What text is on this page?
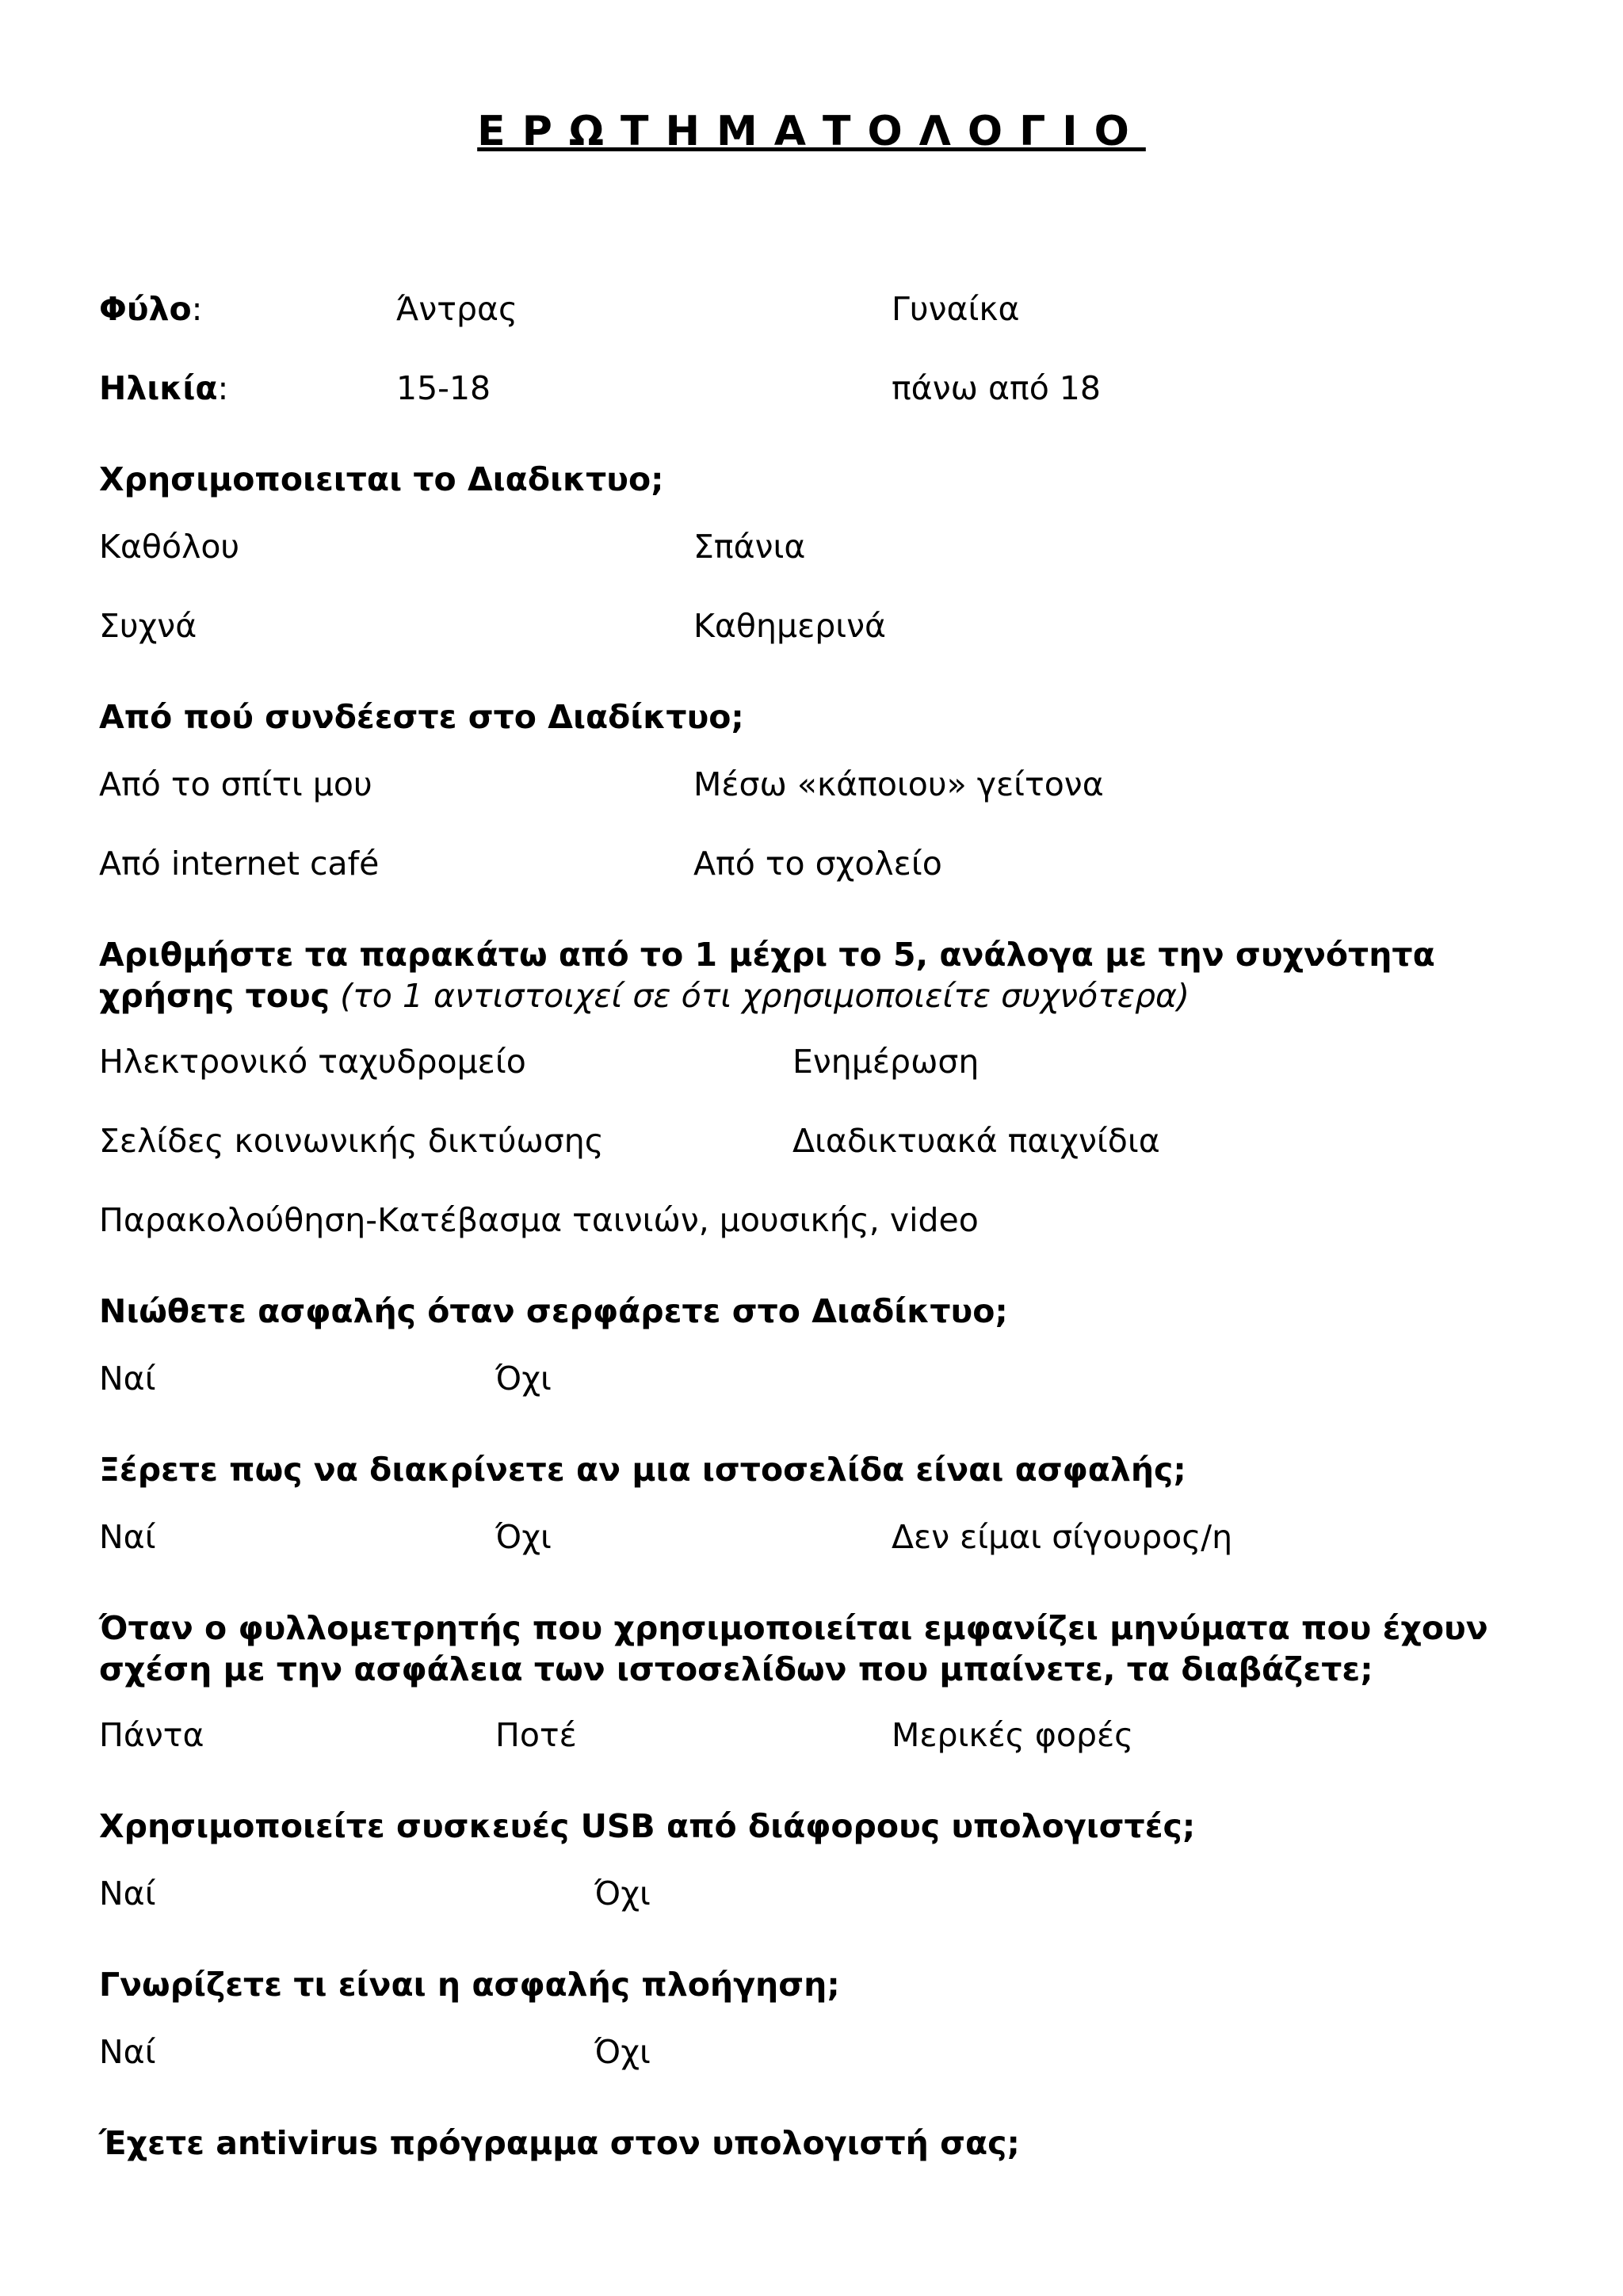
ΕΡΩΤΗΜΑΤΟΛΟΓΙΟ
Φύλο:	Άντρας	Γυναίκα
Ηλικία:	15-18	πάνω από 18
Χρησιμοποιειται το Διαδικτυο;
Καθόλου	Σπάνια
Συχνά	Καθημερινά
Από πού συνδέεστε στο Διαδίκτυο;
Από το σπίτι μου	Μέσω «κάποιου» γείτονα
Από internet café	Από το σχολείο
Αριθμήστε τα παρακάτω από το 1 μέχρι το 5, ανάλογα με την συχνότητα
χρήσης τους (το 1 αντιστοιχεί σε ότι χρησιμοποιείτε συχνότερα)
Ηλεκτρονικό ταχυδρομείο	Ενημέρωση
Σελίδες κοινωνικής δικτύωσης	Διαδικτυακά παιχνίδια
Παρακολούθηση-Κατέβασμα ταινιών, μουσικής, video
Νιώθετε ασφαλής όταν σερφάρετε στο Διαδίκτυο;
Ναί	Όχι
Ξέρετε πως να διακρίνετε αν μια ιστοσελίδα είναι ασφαλής;
Ναί	Όχι	Δεν είμαι σίγουρος/η
Όταν ο φυλλομετρητής που χρησιμοποιείται εμφανίζει μηνύματα που έχουν
σχέση με την ασφάλεια των ιστοσελίδων που μπαίνετε, τα διαβάζετε;
Πάντα	Ποτέ	Μερικές φορές
Χρησιμοποιείτε συσκευές USB από διάφορους υπολογιστές;
Ναί	Όχι
Γνωρίζετε τι είναι η ασφαλής πλοήγηση;
Ναί	Όχι
Έχετε antivirus πρόγραμμα στον υπολογιστή σας;
